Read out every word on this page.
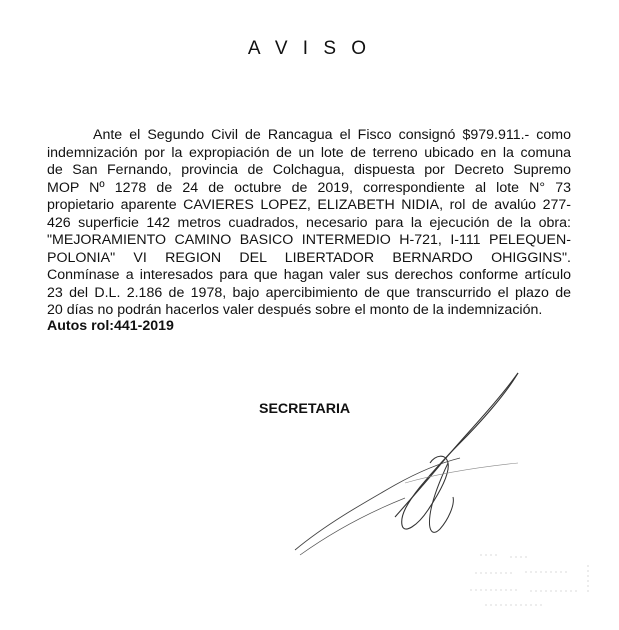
A V I S O
Ante el Segundo Civil de Rancagua el Fisco consignó $979.911.- como
indemnización por la expropiación de un lote de terreno ubicado en la comuna
de San Fernando, provincia de Colchagua, dispuesta por Decreto Supremo
MOP Nº 1278 de 24 de octubre de 2019, correspondiente al lote N° 73
propietario aparente CAVIERES LOPEZ, ELIZABETH NIDIA, rol de avalúo 277-
426 superficie 142 metros cuadrados, necesario para la ejecución de la obra:
"MEJORAMIENTO CAMINO BASICO INTERMEDIO H-721, I-111 PELEQUEN-
POLONIA" VI REGION DEL LIBERTADOR BERNARDO OHIGGINS".
Conmínase a interesados para que hagan valer sus derechos conforme artículo
23 del D.L. 2.186 de 1978, bajo apercibimiento de que transcurrido el plazo de
20 días no podrán hacerlos valer después sobre el monto de la indemnización.
Autos rol:441-2019
SECRETARIA
